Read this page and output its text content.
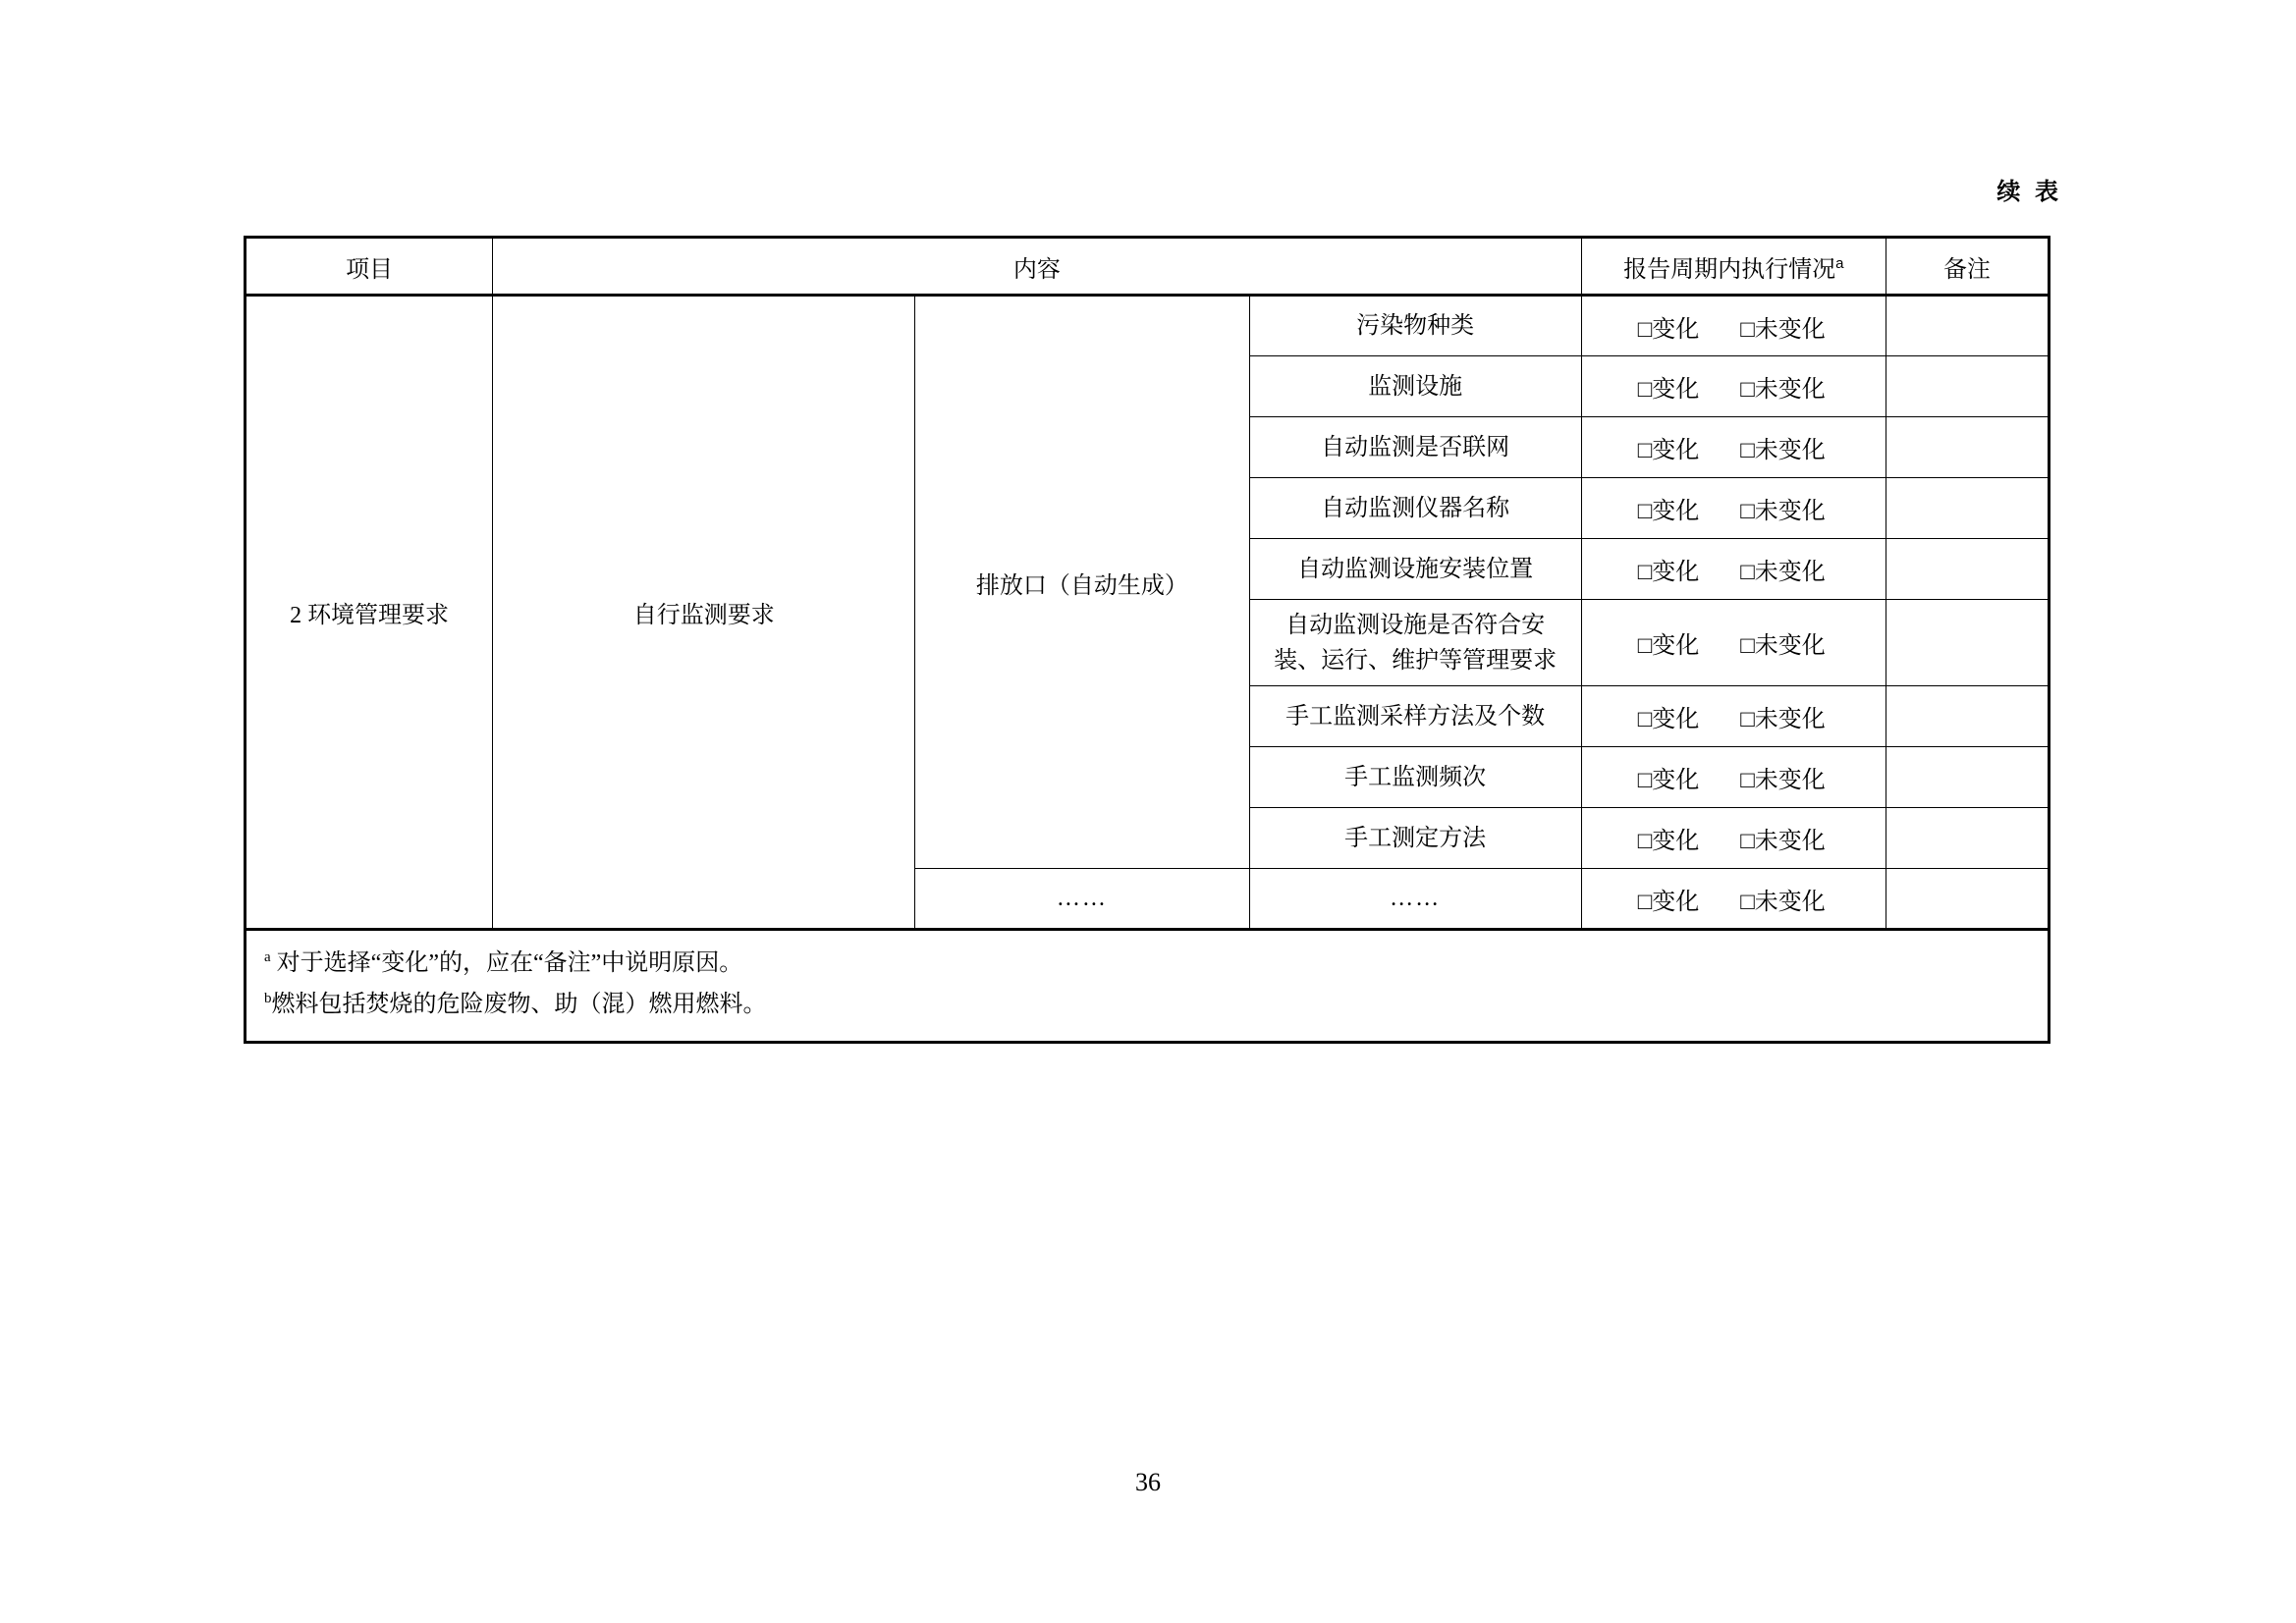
续 表
项目	内容			报告周期内执行情况$^a$	备注
2 环境管理要求	自行监测要求	排放口（自动生成）	污染物种类	□变化 □未变化	

			监测设施	□变化 □未变化	

			自动监测是否联网	□变化 □未变化	

			自动监测仪器名称	□变化 □未变化	

			自动监测设施安装位置	□变化 □未变化	

			自动监测设施是否符合安装、运行、维护等管理要求	□变化 □未变化	

			手工监测采样方法及个数	□变化 □未变化	

			手工监测频次	□变化 □未变化	

			手工测定方法	□变化 □未变化	

		……	……	□变化 □未变化	

$^a$ 对于选择“变化”的，应在“备注”中说明原因。
$^b$燃料包括焚烧的危险废物、助（混）燃用燃料。					
36
